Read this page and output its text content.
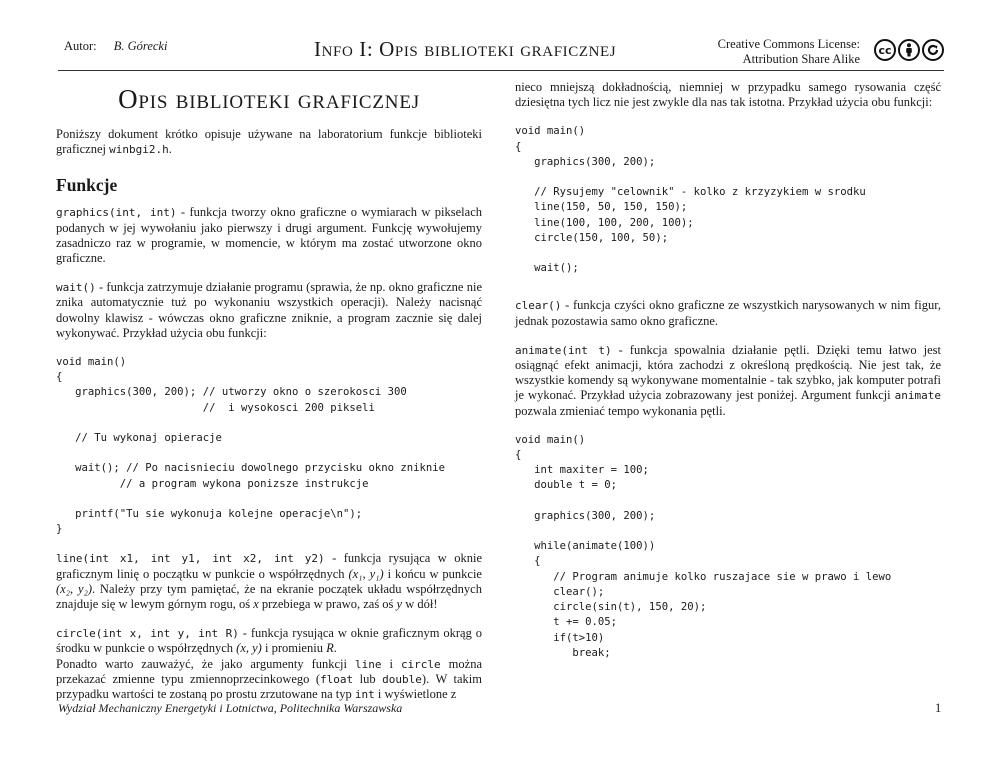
Autor: B. Górecki	Info I: Opis biblioteki graficznej	Creative Commons License:
Attribution Share Alike
cc
Opis biblioteki graficznej

Poniższy dokument krótko opisuje używane na laboratorium funkcje biblioteki graficznej winbgi2.h.

Funkcje

graphics(int, int) - funkcja tworzy okno graficzne o wymiarach w pikselach podanych w jej wywołaniu jako pierwszy i drugi argument. Funkcję wywołujemy zasadniczo raz w programie, w momencie, w którym ma zostać utworzone okno graficzne.

wait() - funkcja zatrzymuje działanie programu (sprawia, że np. okno graficzne nie znika automatycznie tuż po wykonaniu wszystkich operacji). Należy nacisnąć dowolny klawisz - wówczas okno graficzne zniknie, a program zacznie się dalej wykonywać. Przykład użycia obu funkcji:

void main()
{
graphics(300, 200); // utworzy okno o szerokosci 300
//  i wysokosci 200 pikseli

// Tu wykonaj opieracje

wait(); // Po nacisnieciu dowolnego przycisku okno zniknie
// a program wykona ponizsze instrukcje

printf("Tu sie wykonuja kolejne operacje\n");
}

line(int x1, int y1, int x2, int y2) - funkcja rysująca w oknie graficznym linię o początku w punkcie o współrzędnych (x₁, y₁) i końcu w punkcie (x₂, y₂). Należy przy tym pamiętać, że na ekranie początek układu współrzędnych znajduje się w lewym górnym rogu, oś x przebiega w prawo, zaś oś y w dół!

circle(int x, int y, int R) - funkcja rysująca w oknie graficznym okrąg o środku w punkcie o współrzędnych (x, y) i promieniu R.

Ponadto warto zauważyć, że jako argumenty funkcji line i circle można przekazać zmienne typu zmiennoprzecinkowego (float lub double). W takim przypadku wartości te zostaną po prostu zrzutowane na typ int i wyświetlone z

nieco mniejszą dokładnością, niemniej w przypadku samego rysowania część dziesiętna tych licz nie jest zwykle dla nas tak istotna. Przykład użycia obu funkcji:

void main()
{
graphics(300, 200);

// Rysujemy "celownik" - kolko z krzyzykiem w srodku
line(150, 50, 150, 150);
line(100, 100, 200, 100);
circle(150, 100, 50);

wait();

clear() - funkcja czyści okno graficzne ze wszystkich narysowanych w nim figur, jednak pozostawia samo okno graficzne.

animate(int t) - funkcja spowalnia działanie pętli. Dzięki temu łatwo jest osiągnąć efekt animacji, która zachodzi z określoną prędkością. Nie jest tak, że wszystkie komendy są wykonywane momentalnie - tak szybko, jak komputer potrafi je wykonać. Przykład użycia zobrazowany jest poniżej. Argument funkcji animate pozwala zmieniać tempo wykonania pętli.

void main()
{
int maxiter = 100;
double t = 0;

graphics(300, 200);

while(animate(100))
{
// Program animuje kolko ruszajace sie w prawo i lewo
clear();
circle(sin(t), 150, 20);
t += 0.05;
if(t>10)
break;
Wydział Mechaniczny Energetyki i Lotnictwa, Politechnika Warszawska	1
